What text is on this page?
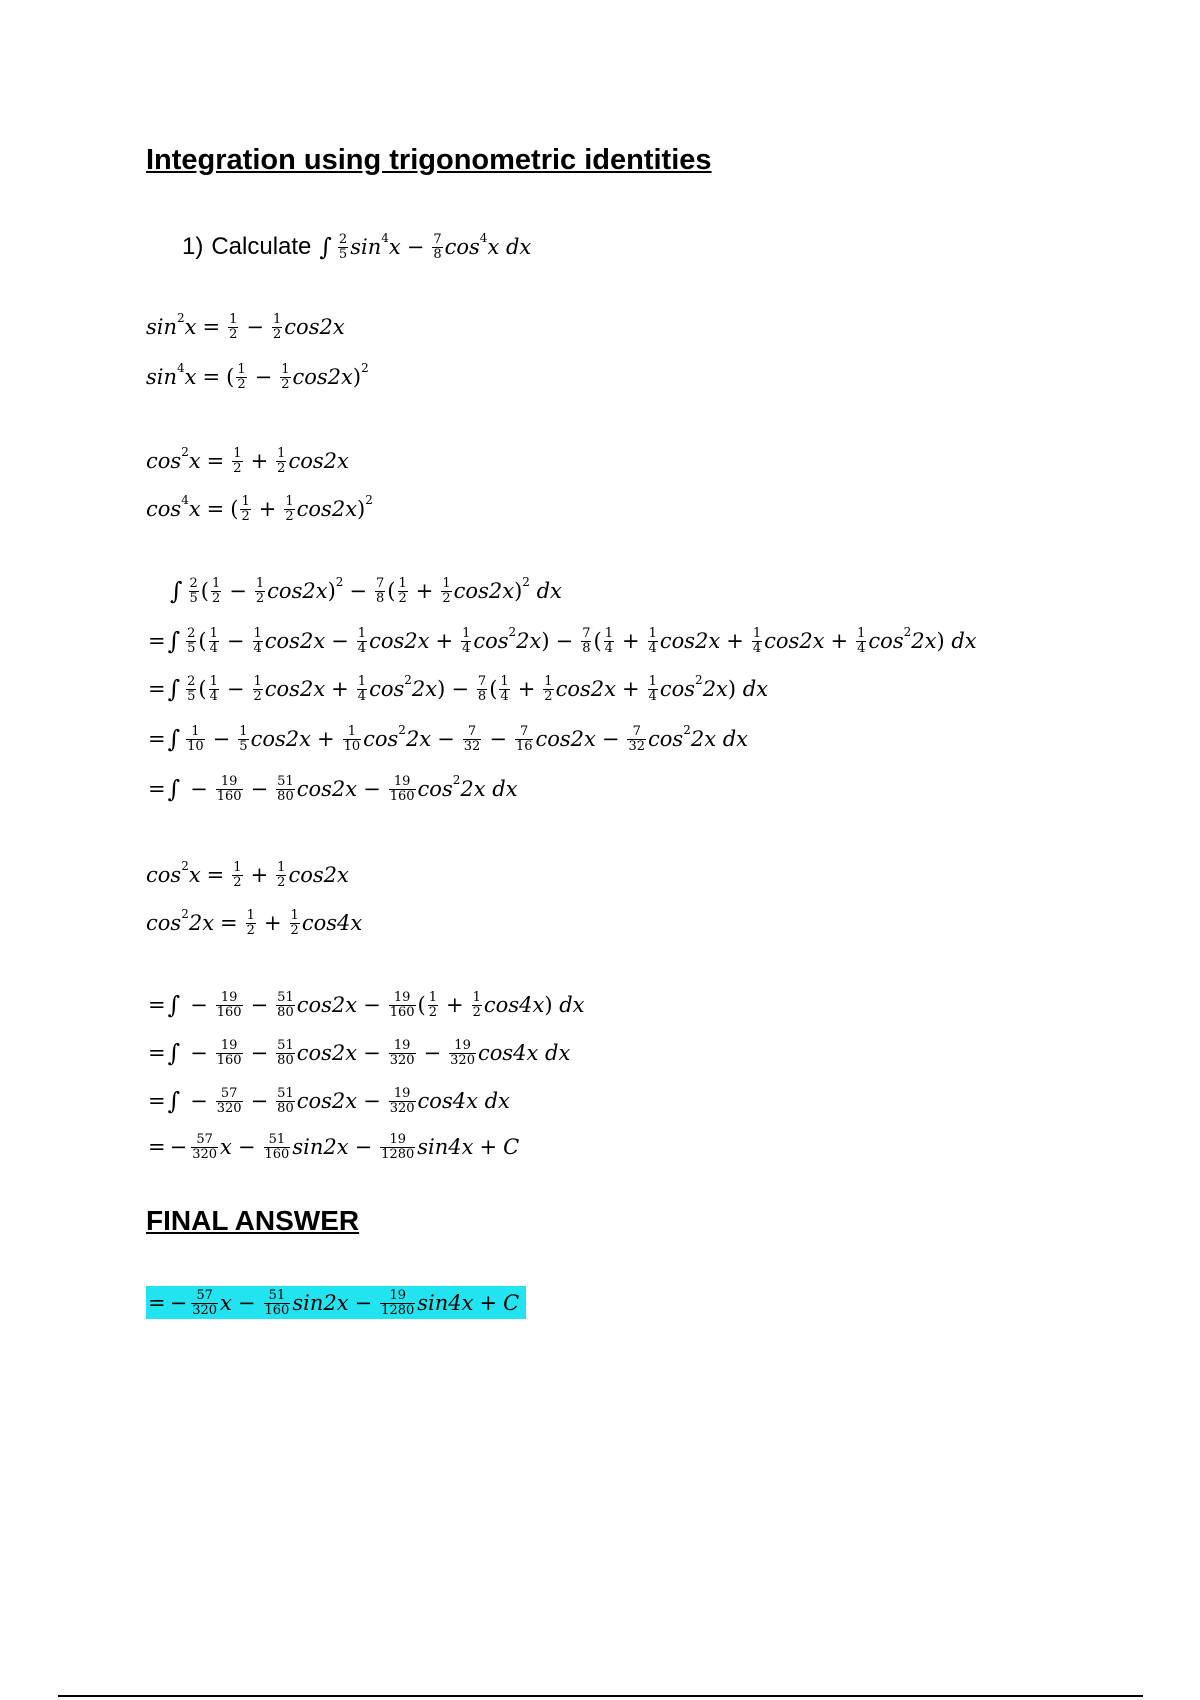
Integration using trigonometric identities
1) Calculate ∫ $\frac{2}{5} \sin^4 x - \frac{7}{8} \cos^4 x$ dx
$\sin^2 x = \frac{1}{2} - \frac{1}{2} \cos 2x$
$\sin^4 x$ = ( $\frac{1}{2} - \frac{1}{2} \cos 2x$ )$^2$
$\cos^2 x = \frac{1}{2} + \frac{1}{2} \cos 2x$
$\cos^4 x$ = ( $\frac{1}{2} + \frac{1}{2} \cos 2x$ )$^2$
∫ $\frac{2}{5}$ ( $\frac{1}{2} - \frac{1}{2} \cos 2x$ )$^2 - \frac{7}{8}$ ( $\frac{1}{2} + \frac{1}{2} \cos 2x$ )$^2$ dx
= ∫ $\frac{2}{5}$ ( $\frac{1}{4} - \frac{1}{4} \cos 2x - \frac{1}{4} \cos 2x + \frac{1}{4} \cos^2 2x$ ) − $\frac{7}{8}$ ( $\frac{1}{4} + \frac{1}{4} \cos 2x + \frac{1}{4} \cos 2x + \frac{1}{4} \cos^2 2x$ ) dx
= ∫ $\frac{2}{5}$ ( $\frac{1}{4} - \frac{1}{2} \cos 2x + \frac{1}{4} \cos^2 2x$ ) − $\frac{7}{8}$ ( $\frac{1}{4} + \frac{1}{2} \cos 2x + \frac{1}{4} \cos^2 2x$ ) dx
= ∫ $\frac{1}{10} - \frac{1}{5} \cos 2x + \frac{1}{10} \cos^2 2x - \frac{7}{32} - \frac{7}{16} \cos 2x - \frac{7}{32} \cos^2 2x$ dx
= ∫ − $\frac{19}{160} - \frac{51}{80} \cos 2x - \frac{19}{160} \cos^2 2x$ dx
$\cos^2 x = \frac{1}{2} + \frac{1}{2} \cos 2x$
$\cos^2 2x = \frac{1}{2} + \frac{1}{2} \cos 4x$
= ∫ − $\frac{19}{160} - \frac{51}{80} \cos 2x - \frac{19}{160}$ ( $\frac{1}{2} + \frac{1}{2} \cos 4x$ ) dx
= ∫ − $\frac{19}{160} - \frac{51}{80} \cos 2x - \frac{19}{320} - \frac{19}{320} \cos 4x$ dx
= ∫ − $\frac{57}{320} - \frac{51}{80} \cos 2x - \frac{19}{320} \cos 4x$ dx
= − $\frac{57}{320}$ $x - \frac{51}{160} \sin 2x - \frac{19}{1280} \sin 4x + C$
FINAL ANSWER
= − $\frac{57}{320}$ $x - \frac{51}{160} \sin 2x - \frac{19}{1280} \sin 4x + C$
